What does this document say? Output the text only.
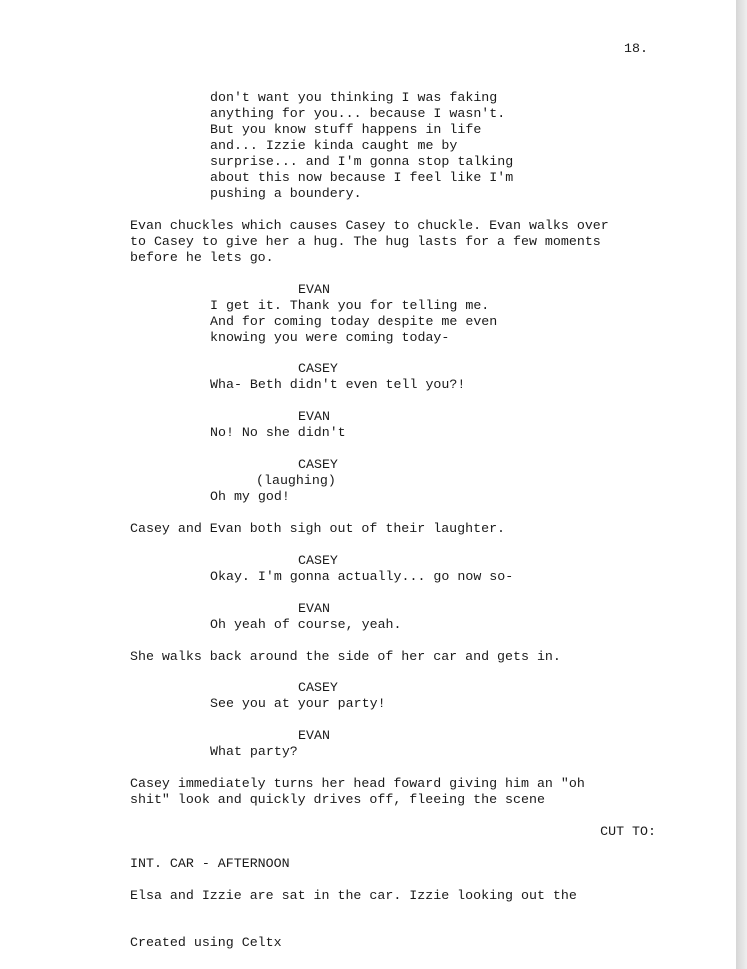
18.
don't want you thinking I was faking
anything for you... because I wasn't.
But you know stuff happens in life
and... Izzie kinda caught me by
surprise... and I'm gonna stop talking
about this now because I feel like I'm
pushing a boundery.
Evan chuckles which causes Casey to chuckle. Evan walks over
to Casey to give her a hug. The hug lasts for a few moments
before he lets go.
EVAN
I get it. Thank you for telling me.
And for coming today despite me even
knowing you were coming today-
CASEY
Wha- Beth didn't even tell you?!
EVAN
No! No she didn't
CASEY
(laughing)
Oh my god!
Casey and Evan both sigh out of their laughter.
CASEY
Okay. I'm gonna actually... go now so-
EVAN
Oh yeah of course, yeah.
She walks back around the side of her car and gets in.
CASEY
See you at your party!
EVAN
What party?
Casey immediately turns her head foward giving him an "oh
shit" look and quickly drives off, fleeing the scene
CUT TO:
INT. CAR - AFTERNOON
Elsa and Izzie are sat in the car. Izzie looking out the
Created using Celtx
